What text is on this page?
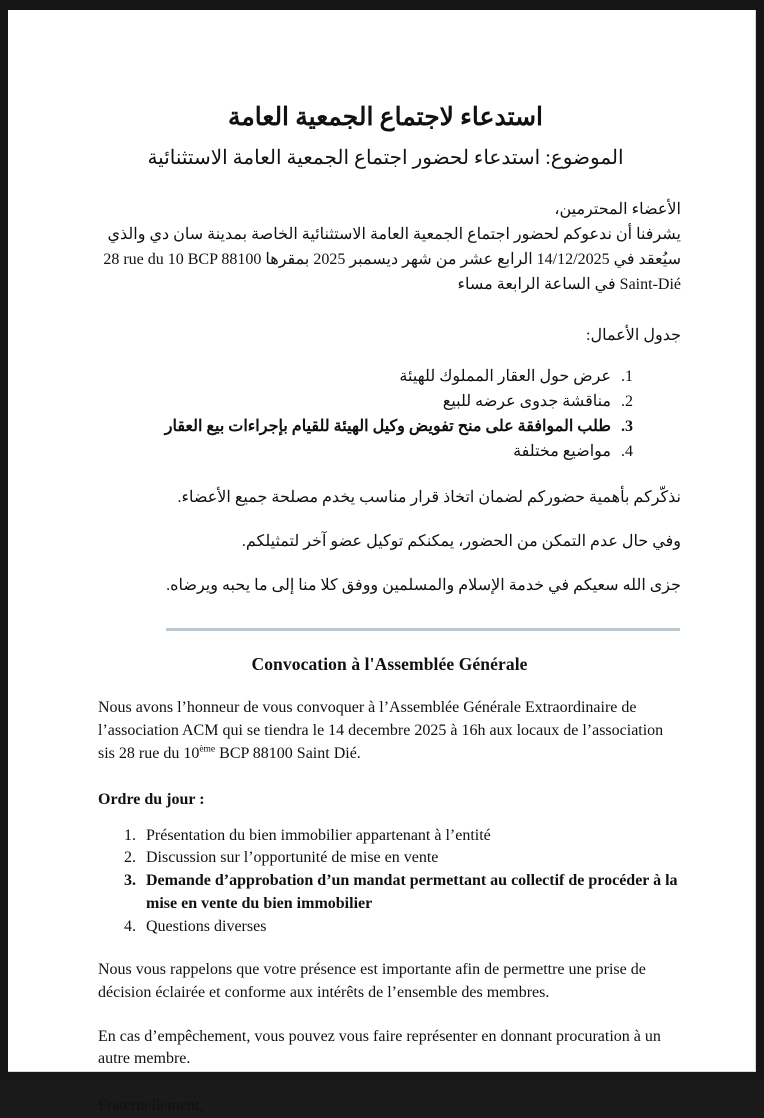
استدعاء لاجتماع الجمعية العامة

الموضوع: استدعاء لحضور اجتماع الجمعية العامة الاستثنائية

الأعضاء المحترمين،

يشرفنا أن ندعوكم لحضور اجتماع الجمعية العامة الاستثنائية الخاصة بمدينة سان دي والذي سيُعقد في 14/12/2025 الرابع عشر من شهر ديسمبر 2025 بمقرها 28 rue du 10 BCP 88100 Saint-Dié في الساعة الرابعة مساء

جدول الأعمال:

1. عرض حول العقار المملوك للهيئة
2. مناقشة جدوى عرضه للبيع
3. طلب الموافقة على منح تفويض وكيل الهيئة للقيام بإجراءات بيع العقار
4. مواضيع مختلفة

نذكّركم بأهمية حضوركم لضمان اتخاذ قرار مناسب يخدم مصلحة جميع الأعضاء.

وفي حال عدم التمكن من الحضور، يمكنكم توكيل عضو آخر لتمثيلكم.

جزى الله سعيكم في خدمة الإسلام والمسلمين ووفق كلا منا إلى ما يحبه ويرضاه.

Convocation à l'Assemblée Générale

Nous avons l’honneur de vous convoquer à l’Assemblée Générale Extraordinaire de l’association ACM qui se tiendra le 14 decembre 2025 à 16h aux locaux de l’association sis 28 rue du 10ème BCP 88100 Saint Dié.

Ordre du jour :

1. Présentation du bien immobilier appartenant à l’entité
2. Discussion sur l’opportunité de mise en vente
3. Demande d’approbation d’un mandat permettant au collectif de procéder à la mise en vente du bien immobilier
4. Questions diverses

Nous vous rappelons que votre présence est importante afin de permettre une prise de décision éclairée et conforme aux intérêts de l’ensemble des membres.

En cas d’empêchement, vous pouvez vous faire représenter en donnant procuration à un autre membre.

Fraternellement,
